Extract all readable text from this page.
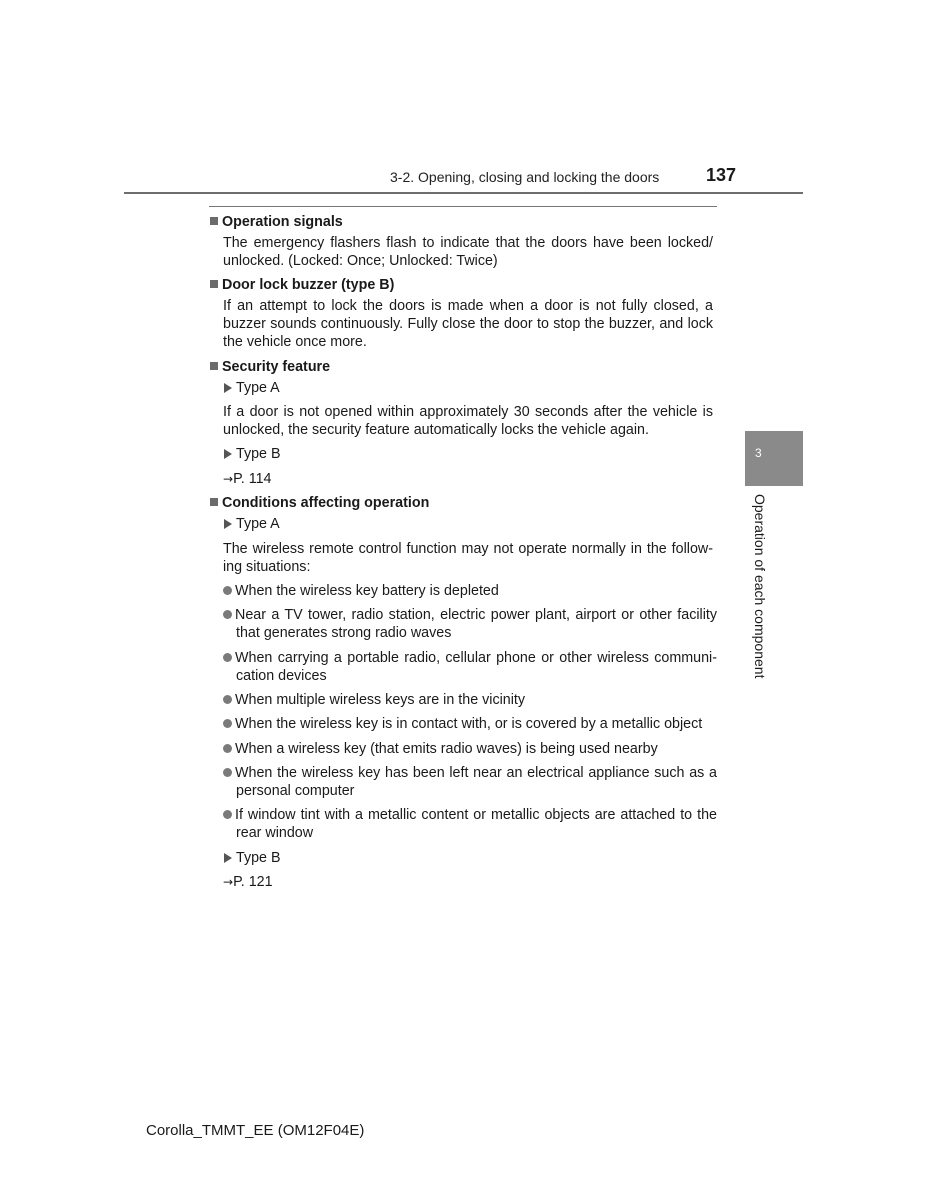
3-2. Opening, closing and locking the doors	137
3
Operation of each component
Operation signals
The emergency flashers flash to indicate that the doors have been locked/
unlocked. (Locked: Once; Unlocked: Twice)
Door lock buzzer (type B)
If an attempt to lock the doors is made when a door is not fully closed, a
buzzer sounds continuously. Fully close the door to stop the buzzer, and lock
the vehicle once more.
Security feature
Type A
If a door is not opened within approximately 30 seconds after the vehicle is
unlocked, the security feature automatically locks the vehicle again.
Type B
→P. 114
Conditions affecting operation
Type A
The wireless remote control function may not operate normally in the follow-
ing situations:
When the wireless key battery is depleted
Near a TV tower, radio station, electric power plant, airport or other facility
that generates strong radio waves
When carrying a portable radio, cellular phone or other wireless communi-
cation devices
When multiple wireless keys are in the vicinity
When the wireless key is in contact with, or is covered by a metallic object
When a wireless key (that emits radio waves) is being used nearby
When the wireless key has been left near an electrical appliance such as a
personal computer
If window tint with a metallic content or metallic objects are attached to the
rear window
Type B
→P. 121
Corolla_TMMT_EE (OM12F04E)
